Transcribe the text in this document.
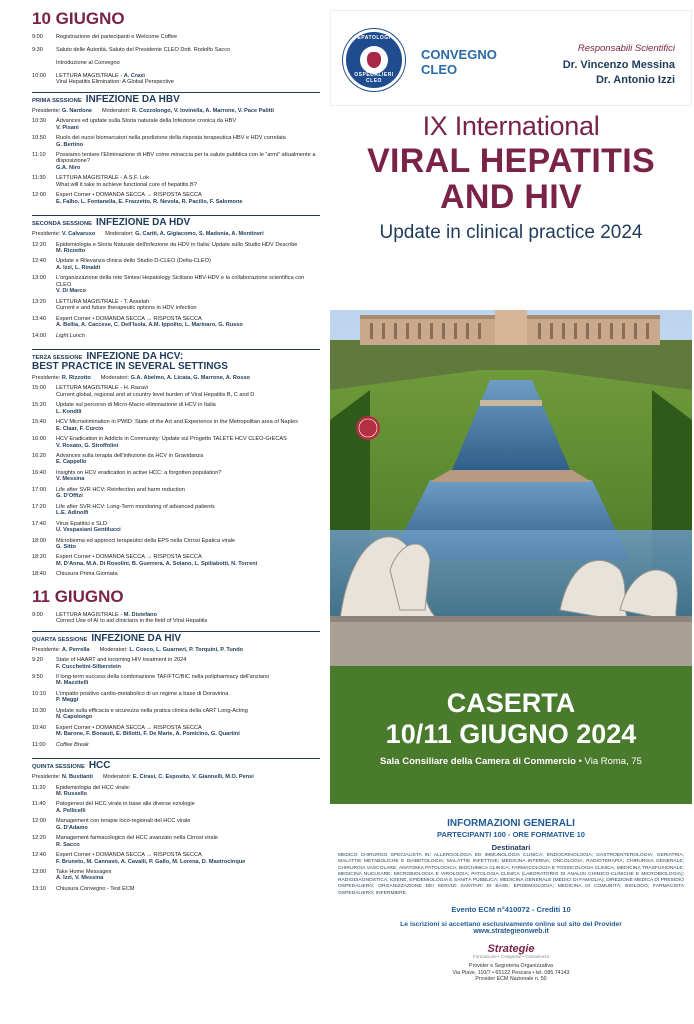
10 GIUGNO
9:00	Registrazione dei partecipanti e Welcome Coffee
9:30	Saluto delle Autorità, Saluto del Presidente CLEO Dott. Rodolfo Sacco
Introduzione al Convegno
10:00	LETTURA MAGISTRALE - A. Craxì
Viral Hepatitis Elimination: A Global Perspective
PRIMA SESSIONE INFEZIONE DA HBV
Presidente: G. Nardone Moderatori: R. Cozzolongo, V. Iovinella, A. Marrone, V. Pace Palitti
10:30	Advances ed update sulla Storia naturale della Infezione cronica da HBV
V. Pisani
10.50	Ruolo dei nuovi biomarcatori nella predizione della risposta terapeutica HBV e HDV correlata
G. Bertino
11:10	Possiamo tentare l'Eliminazione di HBV come minaccia per la salute pubblica con le “armi” attualmente a disposizione?
G.A. Niro
11:30	LETTURA MAGISTRALE - A.S.F. Lok
What will it take to achieve functional cure of hepatitis B?
12:00	Expert Corner • DOMANDA SECCA → RISPOSTA SECCA
E. Falbo, L. Fontanella, E. Frazzetto, R. Nevola, R. Pacilio, F. Salomone
SECONDA SESSIONE INFEZIONE DA HDV
Presidente: V. Calvaruso Moderatori: G. Cariti, A. Gigiacomo, S. Madonia, A. Montineri
12:20	Epidemiologia e Storia Naturale dell'infezione da HDV in Italia: Update sullo Studio HDV Describe
M. Rizzetto
12:40	Update e Rilevanza clinica dello Studio D-CLEO (Delta-CLEO)
A. Izzi, L. Rinaldi
13:00	L'organizzazione della rete Sintesi Hepatology Siciliano HBV-HDV e la collaborazione scientifica con CLEO
V. Di Marco
13:20	LETTURA MAGISTRALE - T. Asselah
Current e and future therapeutic options in HDV infection
13:40	Expert Corner • DOMANDA SECCA → RISPOSTA SECCA
A. Bellia, A. Caccese, C. Dell'Isola, A.M. Ippolito, L. Marinaro, G. Russo
14:00	Light Lunch
TERZA SESSIONE INFEZIONE DA HCV:
BEST PRACTICE IN SEVERAL SETTINGS
Presidente: R. Rizzotto Moderatori: G.A. Abelmo, A. Licata, G. Marrone, A. Rosso
15:00	LETTURA MAGISTRALE - H. Razavi
Current global, regional and at country level burden of Viral Hepatitis B, C and D
15:20	Update sul percorso di Micro-Macro eliminazione di HCV in Italia
L. Kondili
15:40	HCV Microelimination in PWID: State of the Art and Experience in the Metropolitan area of Naples
E. Claar, F. Curcio
16:00	HCV Eradication in Addicts in Community: Update sul Progetto TALETE HCV CLEO-GrECAS
V. Rosato, G. Stroffolini
16:20	Advances sulla terapia dell'infezione da HCV in Gravidanza
E. Cappello
16:40	Insights on HCV eradication in active HCC: a forgotten population?
V. Messina
17:00	Life after SVR HCV: Reinfection and harm reduction
G. D'Offizi
17:20	Life after SVR HCV: Long-Term monitoring of advanced patients
L.E. Adinolfi
17:40	Virus Epatitici e SLD
U. Vespasiani Gentilucci
18:00	Microbioma ed approcci terapeutici della EPS nella Cirrosi Epatica virale
G. Sitto
18:20	Expert Corner • DOMANDA SECCA → RISPOSTA SECCA
M. D'Anna, M.A. Di Rosolini, B. Guerrera, A. Solano, L. Spiliabotti, N. Torreni
18:40	Chiusura Prima Giornata
11 GIUGNO
9:00	LETTURA MAGISTRALE - M. Distefano
Correct Use of AI to aid clinicians in the field of Viral Hepatitis
QUARTA SESSIONE INFEZIONE DA HIV
Presidente: A. Perrella Moderatori: L. Cosco, L. Guarneri, P. Torquini, P. Tundo
9:20	State of HAART and incoming HIV treatment in 2024
F. Cucchetini-Silberstein
9:50	Il long-term success della combinazione TAF/FTC/BIC nella polipharmacy dell'anziano
M. Mazzitelli
10:10	L'impatto positivo cardio-metabolico di un regime a base di Doravirina
P. Maggi
10:30	Update sulla efficacia e sicurezza nella pratica clinica della cART Long-Acting
N. Capolongo
10:40	Expert Corner • DOMANDA SECCA → RISPOSTA SECCA
M. Barone, F. Bonauti, E. Billotti, F. De Marie, A. Pomicino, G. Quartini
11:00	Coffee Break
QUINTA SESSIONE HCC
Presidente: N. Bustianti Moderatori: E. Cirasi, C. Esposito, V. Giannelli, M.O. Pensi
11:20	Epidemiologia del HCC virale:
M. Russello
11:40	Patogenesi del HCC virale in base alle diverse eziologie
A. Pellicelli
12:00	Management con terapie loco-regionali del HCC virale
G. D'Adamo
12:20	Management farmacologico del HCC avanzato nella Cirrosi virale
R. Sacco
12:40	Expert Corner • DOMANDA SECCA → RISPOSTA SECCA
F. Bruneto, M. Cannavò, A. Cavalli, P. Gallo, M. Lorena, D. Mastrocinque
13:00	Take Home Messages
A. Izzi, V. Messina
13:10	Chiusura Convegno - Test ECM
EPATOLOGI
OSPEDALIERI CLEO
CONVEGNO
CLEO
Responsabili Scientifici
Dr. Vincenzo Messina
Dr. Antonio Izzi
IX International
VIRAL HEPATITIS
AND HIV
Update in clinical practice 2024
CASERTA
10/11 GIUGNO 2024
Sala Consiliare della Camera di Commercio • Via Roma, 75
INFORMAZIONI GENERALI
PARTECIPANTI 100 - ORE FORMATIVE 10
Destinatari
MEDICO CHIRURGO SPECIALISTA IN: ALLERGOLOGIA ED IMMUNOLOGIA CLINICA; ENDOCRINOLOGIA; GASTROENTEROLOGIA; GERIATRIA; MALATTIE METABOLICHE E DIABETOLOGIA; MALATTIE INFETTIVE; MEDICINA INTERNA; ONCOLOGIA; RADIOTERAPIA; CHIRURGIA GENERALE; CHIRURGIA VASCOLARE; ANATOMIA PATOLOGICA; BIOCHIMICA CLINICA; FARMACOLOGIA E TOSSICOLOGIA CLINICA; MEDICINA TRASFUSIONALE; MEDICINA NUCLEARE; MICROBIOLOGIA E VIROLOGIA; PATOLOGIA CLINICA (LABORATORIO DI ANALISI CHIMICO-CLINICHE E MICROBIOLOGIA); RADIODIAGNOSTICA; IGIENE, EPIDEMIOLOGIA E SANITÀ PUBBLICA; MEDICINA GENERALE (MEDICI DI FAMIGLIA); DIREZIONE MEDICA DI PRESIDIO OSPEDALIERO; ORGANIZZAZIONE DEI SERVIZI SANITARI DI BASE; EPIDEMIOLOGIA; MEDICINA DI COMUNITÀ; BIOLOGO; FARMACISTA OSPEDALIERO; INFERMIERE.
Evento ECM n°410072 - Crediti 10
Le iscrizioni si accettano esclusivamente online sul sito del Provider
www.strategieonweb.it
Strategie
Formazione • Congressi • Consulenza
Provider e Segreteria Organizzativa
Via Piave, 110/7 • 65122 Pescara • tel. 085.74143
Provider ECM Nazionale n. 50
